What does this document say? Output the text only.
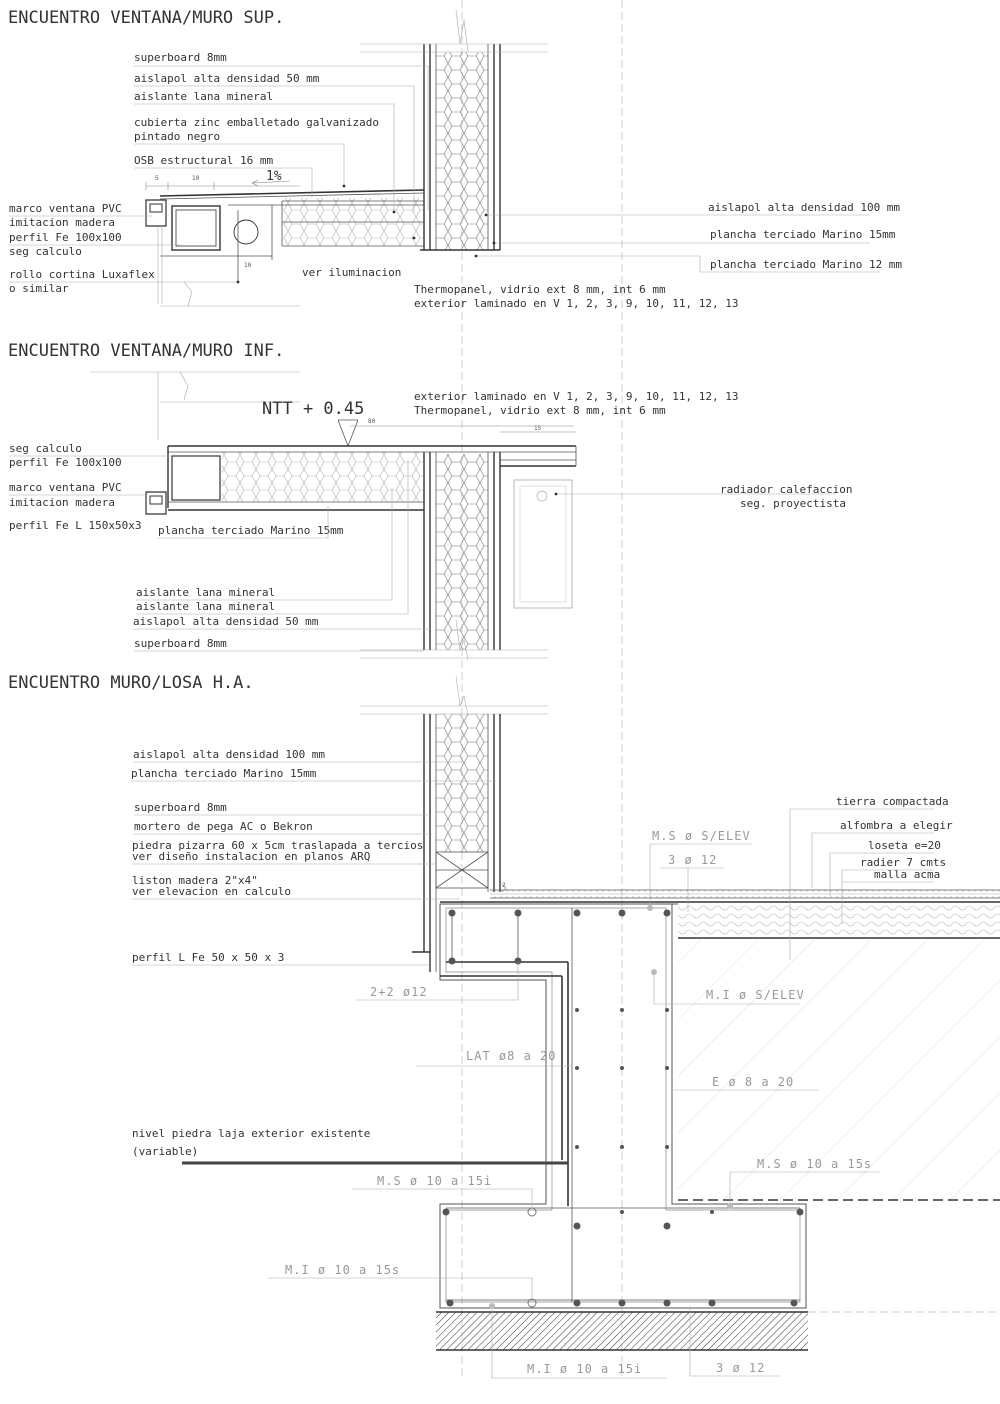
ENCUENTRO VENTANA/MURO SUP.
5	10
10
1%
superboard 8mm
aislapol alta densidad 50 mm
aislante lana mineral
cubierta zinc emballetado galvanizado
pintado negro
OSB estructural 16 mm
marco ventana PVC
imitacion madera
perfil Fe 100x100
seg calculo
rollo cortina Luxaflex
o similar
ver iluminacion
aislapol alta densidad 100 mm
plancha terciado Marino 15mm
plancha terciado Marino 12 mm
Thermopanel, vidrio ext 8 mm, int 6 mm
exterior laminado en V 1, 2, 3, 9, 10, 11, 12, 13
ENCUENTRO VENTANA/MURO INF.
NTT + 0.45
80
15
exterior laminado en V 1, 2, 3, 9, 10, 11, 12, 13
Thermopanel, vidrio ext 8 mm, int 6 mm
seg calculo
perfil Fe 100x100
marco ventana PVC
imitacion madera
perfil Fe L 150x50x3 plancha terciado Marino 15mm
radiador calefaccion
seg. proyectista
aislante lana mineral
aislante lana mineral
aislapol alta densidad 50 mm
superboard 8mm
ENCUENTRO MURO/LOSA H.A.
2
aislapol alta densidad 100 mm
plancha terciado Marino 15mm
superboard 8mm
mortero de pega AC o Bekron
piedra pizarra 60 x 5cm traslapada a tercios
ver diseño instalacion en planos ARQ
liston madera 2"x4"
ver elevacion en calculo
perfil L Fe 50 x 50 x 3
tierra compactada
alfombra a elegir
loseta e=20
radier 7 cmts
malla acma
M.S ø S/ELEV
3 ø 12
2+2 ø12	M.I ø S/ELEV
LAT ø8 a 20
E ø 8 a 20
M.S ø 10 a 15s
M.S ø 10 a 15i
M.I ø 10 a 15s
M.I ø 10 a 15i	3 ø 12
nivel piedra laja exterior existente
(variable)
